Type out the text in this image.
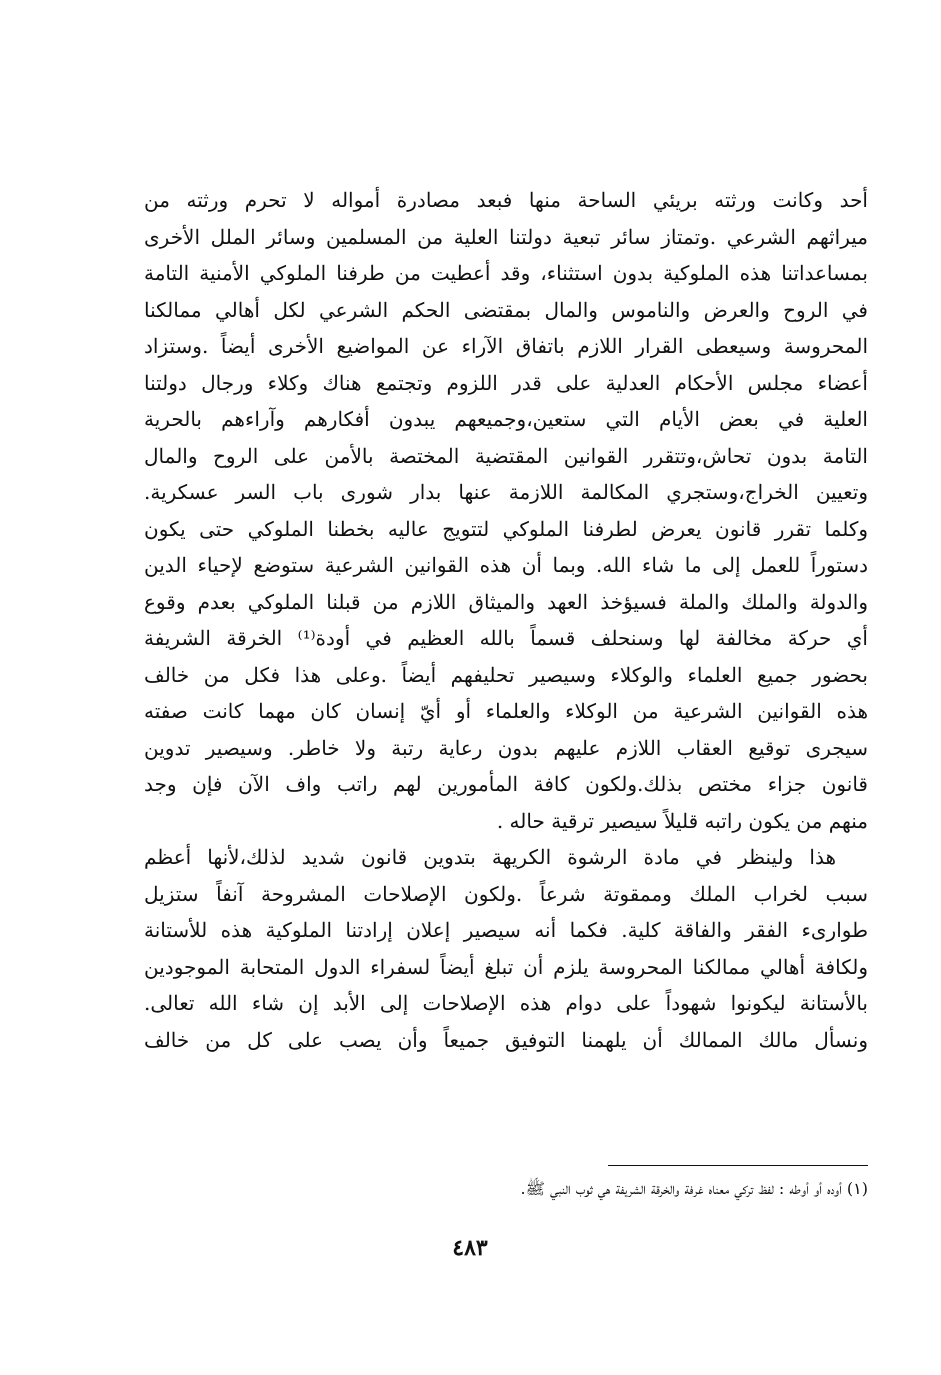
أحد وكانت ورثته بريئي الساحة منها فبعد مصادرة أمواله لا تحرم ورثته من
ميراثهم الشرعي .وتمتاز سائر تبعية دولتنا العلية من المسلمين وسائر الملل الأخرى
بمساعداتنا هذه الملوكية بدون استثناء، وقد أعطيت من طرفنا الملوكي الأمنية التامة
في الروح والعرض والناموس والمال بمقتضى الحكم الشرعي لكل أهالي ممالكنا
المحروسة وسيعطى القرار اللازم باتفاق الآراء عن المواضيع الأخرى أيضاً .وستزاد
أعضاء مجلس الأحكام العدلية على قدر اللزوم وتجتمع هناك وكلاء ورجال دولتنا
العلية في بعض الأيام التي ستعين،وجميعهم يبدون أفكارهم وآراءهم بالحرية
التامة بدون تحاش،وتتقرر القوانين المقتضية المختصة بالأمن على الروح والمال
وتعيين الخراج،وستجري المكالمة اللازمة عنها بدار شورى باب السر عسكرية.
وكلما تقرر قانون يعرض لطرفنا الملوكي لتتويج عاليه بخطنا الملوكي حتى يكون
دستوراً للعمل إلى ما شاء الله. وبما أن هذه القوانين الشرعية ستوضع لإحياء الدين
والدولة والملك والملة فسيؤخذ العهد والميثاق اللازم من قبلنا الملوكي بعدم وقوع
أي حركة مخالفة لها وسنحلف قسماً بالله العظيم في أودة⁽¹⁾ الخرقة الشريفة
بحضور جميع العلماء والوكلاء وسيصير تحليفهم أيضاً .وعلى هذا فكل من خالف
هذه القوانين الشرعية من الوكلاء والعلماء أو أيّ إنسان كان مهما كانت صفته
سيجرى توقيع العقاب اللازم عليهم بدون رعاية رتبة ولا خاطر. وسيصير تدوين
قانون جزاء مختص بذلك.ولكون كافة المأمورين لهم راتب واف الآن فإن وجد
منهم من يكون راتبه قليلاً سيصير ترقية حاله .
هذا ولينظر في مادة الرشوة الكريهة بتدوين قانون شديد لذلك،لأنها أعظم
سبب لخراب الملك وممقوتة شرعاً .ولكون الإصلاحات المشروحة آنفاً ستزيل
طوارىء الفقر والفاقة كلية. فكما أنه سيصير إعلان إرادتنا الملوكية هذه للأستانة
ولكافة أهالي ممالكنا المحروسة يلزم أن تبلغ أيضاً لسفراء الدول المتحابة الموجودين
بالأستانة ليكونوا شهوداً على دوام هذه الإصلاحات إلى الأبد إن شاء الله تعالى.
ونسأل مالك الممالك أن يلهمنا التوفيق جميعاً وأن يصب على كل من خالف
(١) أوده أو أوطه : لفظ تركي معناه غرفة والخرقة الشريفة هي ثوب النبي ﷺ.
٤٨٣
